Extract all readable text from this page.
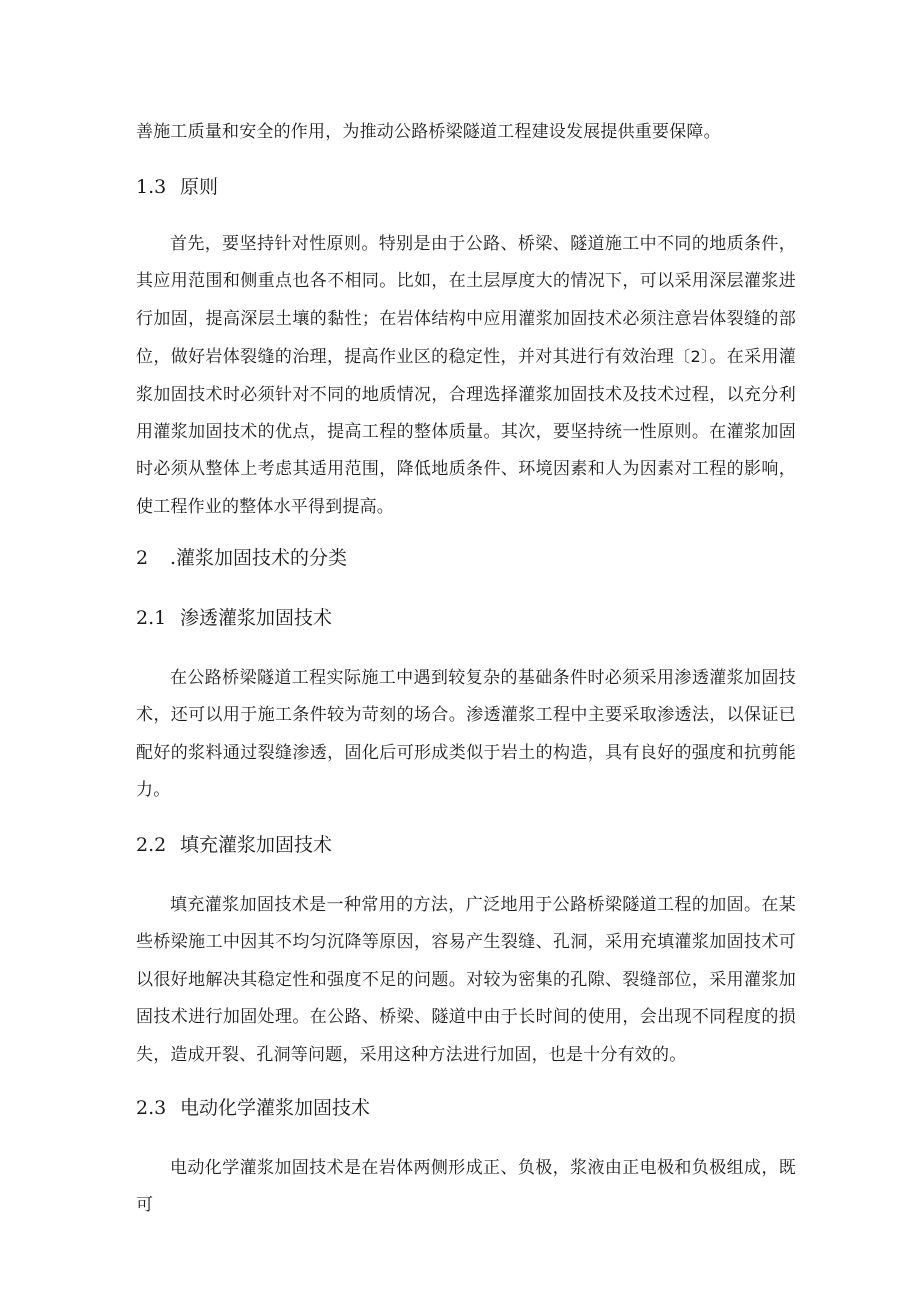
善施工质量和安全的作用，为推动公路桥梁隧道工程建设发展提供重要保障。

1.3 原则

首先，要坚持针对性原则。特别是由于公路、桥梁、隧道施工中不同的地质条件，其应用范围和侧重点也各不相同。比如，在土层厚度大的情况下，可以采用深层灌浆进行加固，提高深层土壤的黏性；在岩体结构中应用灌浆加固技术必须注意岩体裂缝的部位，做好岩体裂缝的治理，提高作业区的稳定性，并对其进行有效治理〔2〕。在采用灌浆加固技术时必须针对不同的地质情况，合理选择灌浆加固技术及技术过程，以充分利用灌浆加固技术的优点，提高工程的整体质量。其次，要坚持统一性原则。在灌浆加固时必须从整体上考虑其适用范围，降低地质条件、环境因素和人为因素对工程的影响，使工程作业的整体水平得到提高。

2 .灌浆加固技术的分类
2.1 渗透灌浆加固技术

在公路桥梁隧道工程实际施工中遇到较复杂的基础条件时必须采用渗透灌浆加固技术，还可以用于施工条件较为苛刻的场合。渗透灌浆工程中主要采取渗透法，以保证已配好的浆料通过裂缝渗透，固化后可形成类似于岩土的构造，具有良好的强度和抗剪能力。

2.2 填充灌浆加固技术

填充灌浆加固技术是一种常用的方法，广泛地用于公路桥梁隧道工程的加固。在某些桥梁施工中因其不均匀沉降等原因，容易产生裂缝、孔洞，采用充填灌浆加固技术可以很好地解决其稳定性和强度不足的问题。对较为密集的孔隙、裂缝部位，采用灌浆加固技术进行加固处理。在公路、桥梁、隧道中由于长时间的使用，会出现不同程度的损失，造成开裂、孔洞等问题，采用这种方法进行加固，也是十分有效的。

2.3 电动化学灌浆加固技术

电动化学灌浆加固技术是在岩体两侧形成正、负极，浆液由正电极和负极组成，既可
